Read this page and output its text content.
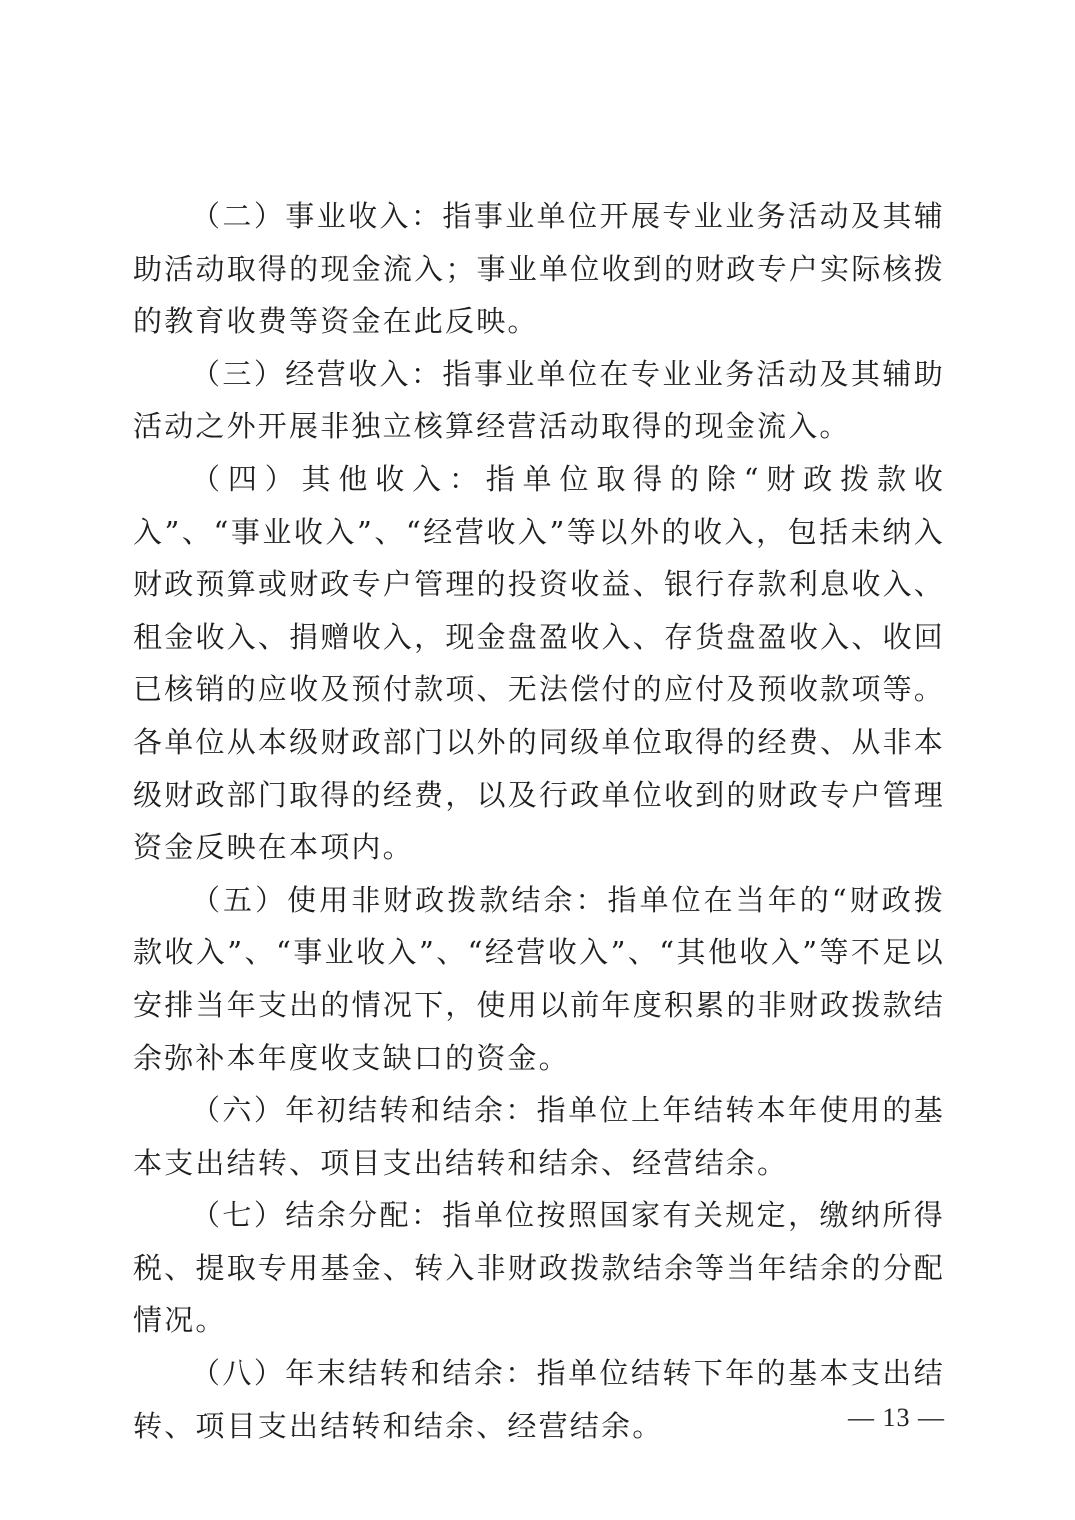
（二）事业收入：指事业单位开展专业业务活动及其辅助活动取得的现金流入；事业单位收到的财政专户实际核拨的教育收费等资金在此反映。

（三）经营收入：指事业单位在专业业务活动及其辅助活动之外开展非独立核算经营活动取得的现金流入。

（四）其他收入：指单位取得的除“财政拨款收入”、“事业收入”、“经营收入”等以外的收入，包括未纳入财政预算或财政专户管理的投资收益、银行存款利息收入、租金收入、捐赠收入，现金盘盈收入、存货盘盈收入、收回已核销的应收及预付款项、无法偿付的应付及预收款项等。各单位从本级财政部门以外的同级单位取得的经费、从非本级财政部门取得的经费，以及行政单位收到的财政专户管理资金反映在本项内。

（五）使用非财政拨款结余：指单位在当年的“财政拨款收入”、“事业收入”、“经营收入”、“其他收入”等不足以安排当年支出的情况下，使用以前年度积累的非财政拨款结余弥补本年度收支缺口的资金。

（六）年初结转和结余：指单位上年结转本年使用的基本支出结转、项目支出结转和结余、经营结余。

（七）结余分配：指单位按照国家有关规定，缴纳所得税、提取专用基金、转入非财政拨款结余等当年结余的分配情况。

（八）年末结转和结余：指单位结转下年的基本支出结转、项目支出结转和结余、经营结余。	— 13 —
